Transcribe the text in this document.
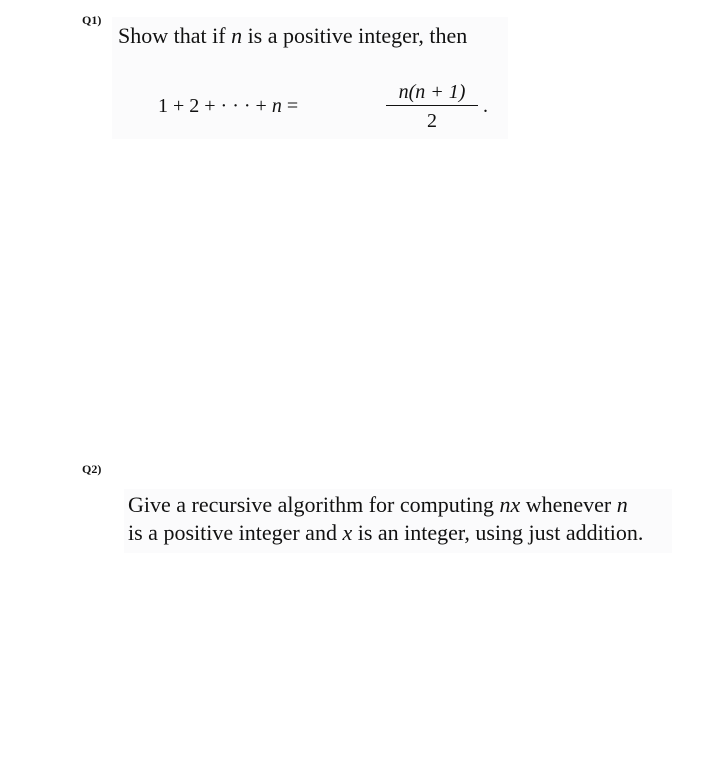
Q1)
Show that if n is a positive integer, then
1 + 2 + · · · + n =
n(n + 1)
2
.
Q2)
Give a recursive algorithm for computing nx whenever n
is a positive integer and x is an integer, using just addition.
